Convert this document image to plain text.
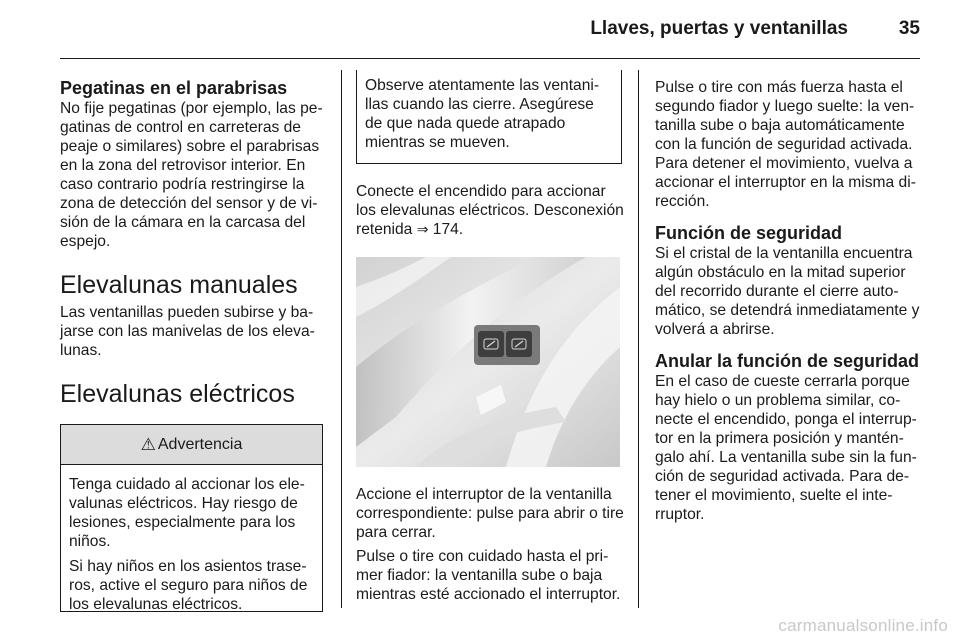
Llaves, puertas y ventanillas	35
Pegatinas en el parabrisas

No fije pegatinas (por ejemplo, las pegatinas de control en carreteras de peaje o similares) sobre el parabrisas en la zona del retrovisor interior. En caso contrario podría restringirse la zona de detección del sensor y de visión de la cámara en la carcasa del espejo.

Elevalunas manuales

Las ventanillas pueden subirse y bajarse con las manivelas de los elevalunas.

Elevalunas eléctricos
⚠ Advertencia

Tenga cuidado al accionar los elevalunas eléctricos. Hay riesgo de lesiones, especialmente para los niños.

Si hay niños en los asientos traseros, active el seguro para niños de los elevalunas eléctricos.

Observe atentamente las ventanillas cuando las cierre. Asegúrese de que nada quede atrapado mientras se mueven.

Conecte el encendido para accionar los elevalunas eléctricos. Desconexión retenida ⇒ 174.

Accione el interruptor de la ventanilla correspondiente: pulse para abrir o tire para cerrar.

Pulse o tire con cuidado hasta el primer fiador: la ventanilla sube o baja mientras esté accionado el interruptor.

Pulse o tire con más fuerza hasta el segundo fiador y luego suelte: la ventanilla sube o baja automáticamente con la función de seguridad activada. Para detener el movimiento, vuelva a accionar el interruptor en la misma dirección.

Función de seguridad

Si el cristal de la ventanilla encuentra algún obstáculo en la mitad superior del recorrido durante el cierre automático, se detendrá inmediatamente y volverá a abrirse.

Anular la función de seguridad

En el caso de cueste cerrarla porque hay hielo o un problema similar, conecte el encendido, ponga el interruptor en la primera posición y manténgalo ahí. La ventanilla sube sin la función de seguridad activada. Para detener el movimiento, suelte el interruptor.

carmanualsonline.info
